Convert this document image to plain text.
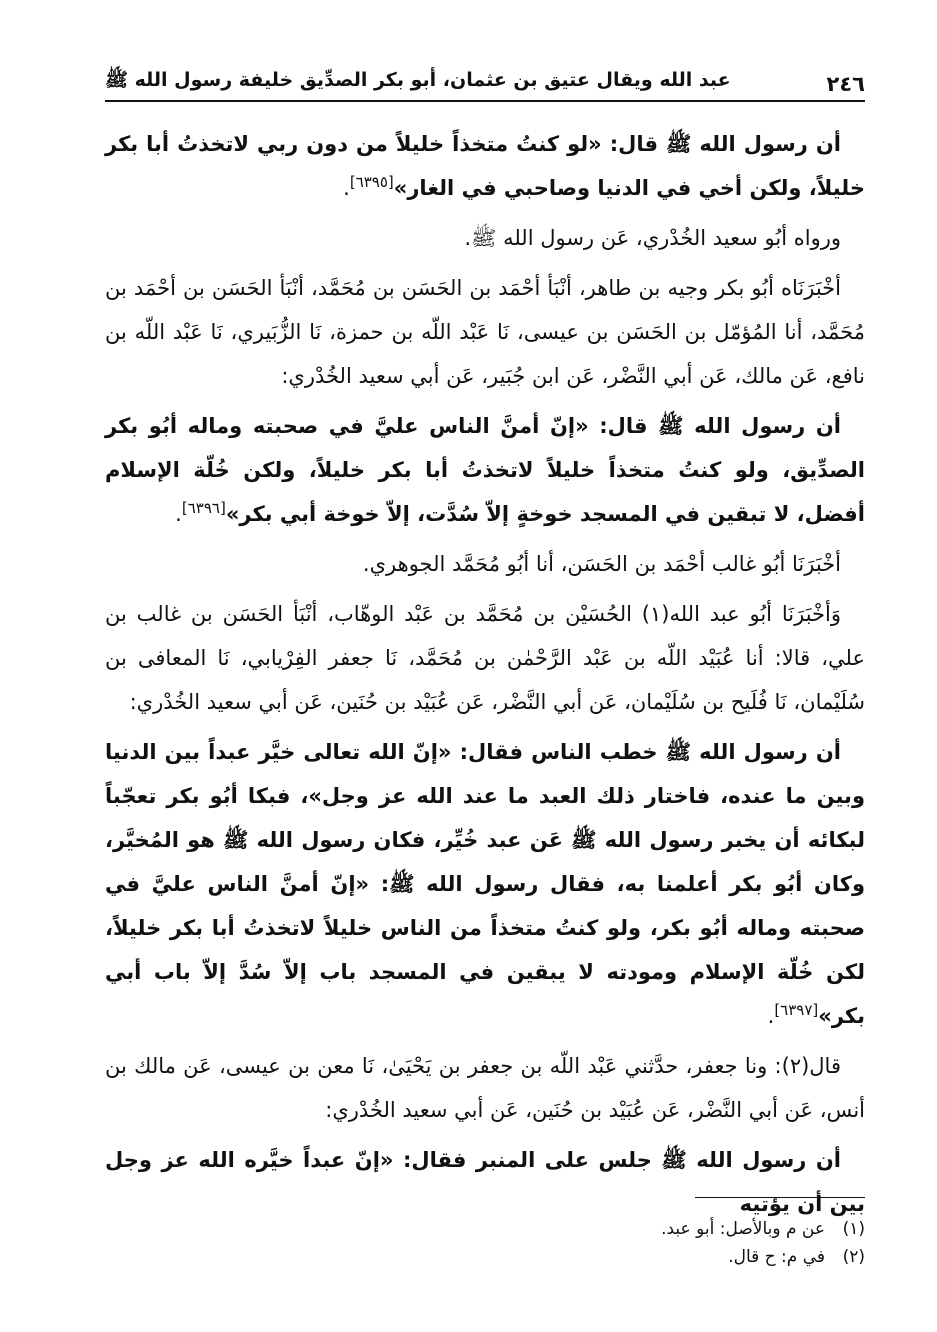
٢٤٦
عبد الله ويقال عتيق بن عثمان، أبو بكر الصدِّيق خليفة رسول الله ﷺ

أن رسول الله ﷺ قال: «لو كنتُ متخذاً خليلاً من دون ربي لاتخذتُ أبا بكر خليلاً، ولكن أخي في الدنيا وصاحبي في الغار»[٦٣٩٥].

ورواه أبُو سعيد الخُدْري، عَن رسول الله ﷺ.

أخْبَرَنَاه أبُو بكر وجيه بن طاهر، أنْبَأ أحْمَد بن الحَسَن بن مُحَمَّد، أنْبَأ الحَسَن بن أحْمَد بن مُحَمَّد، أنا المُؤمّل بن الحَسَن بن عيسى، نَا عَبْد اللّه بن حمزة، نَا الزُّبَيري، نَا عَبْد اللّه بن نافع، عَن مالك، عَن أبي النَّضْر، عَن ابن جُبَير، عَن أبي سعيد الخُدْري:

أن رسول الله ﷺ قال: «إنّ أمنَّ الناس عليَّ في صحبته وماله أبُو بكر الصدِّيق، ولو كنتُ متخذاً خليلاً لاتخذتُ أبا بكر خليلاً، ولكن خُلّة الإسلام أفضل، لا تبقين في المسجد خوخةٍ إلاّ سُدَّت، إلاّ خوخة أبي بكر»[٦٣٩٦].

أخْبَرَنَا أبُو غالب أحْمَد بن الحَسَن، أنا أبُو مُحَمَّد الجوهري.

وَأخْبَرَنَا أبُو عبد الله(١) الحُسَيْن بن مُحَمَّد بن عَبْد الوهّاب، أنْبَأ الحَسَن بن غالب بن علي، قالا: أنا عُبَيْد اللّه بن عَبْد الرَّحْمٰن بن مُحَمَّد، نَا جعفر الفِرْيابي، نَا المعافى بن سُلَيْمان، نَا فُلَيح بن سُلَيْمان، عَن أبي النَّضْر، عَن عُبَيْد بن حُنَين، عَن أبي سعيد الخُدْري:

أن رسول الله ﷺ خطب الناس فقال: «إنّ الله تعالى خيَّر عبداً بين الدنيا وبين ما عنده، فاختار ذلك العبد ما عند الله عز وجل»، فبكا أبُو بكر تعجّباً لبكائه أن يخبر رسول الله ﷺ عَن عبد خُيِّر، فكان رسول الله ﷺ هو المُخيَّر، وكان أبُو بكر أعلمنا به، فقال رسول الله ﷺ: «إنّ أمنَّ الناس عليَّ في صحبته وماله أبُو بكر، ولو كنتُ متخذاً من الناس خليلاً لاتخذتُ أبا بكر خليلاً، لكن خُلّة الإسلام ومودته لا يبقين في المسجد باب إلاّ سُدَّ إلاّ باب أبي بكر»[٦٣٩٧].

قال(٢): ونا جعفر، حدَّثني عَبْد اللّه بن جعفر بن يَحْيَىٰ، نَا معن بن عيسى، عَن مالك بن أنس، عَن أبي النَّضْر، عَن عُبَيْد بن حُنَين، عَن أبي سعيد الخُدْري:

أن رسول الله ﷺ جلس على المنبر فقال: «إنّ عبداً خيَّره الله عز وجل بين أن يؤتيه

(١)
عن م وبالأصل: أبو عبد.
(٢)
في م: ح قال.
